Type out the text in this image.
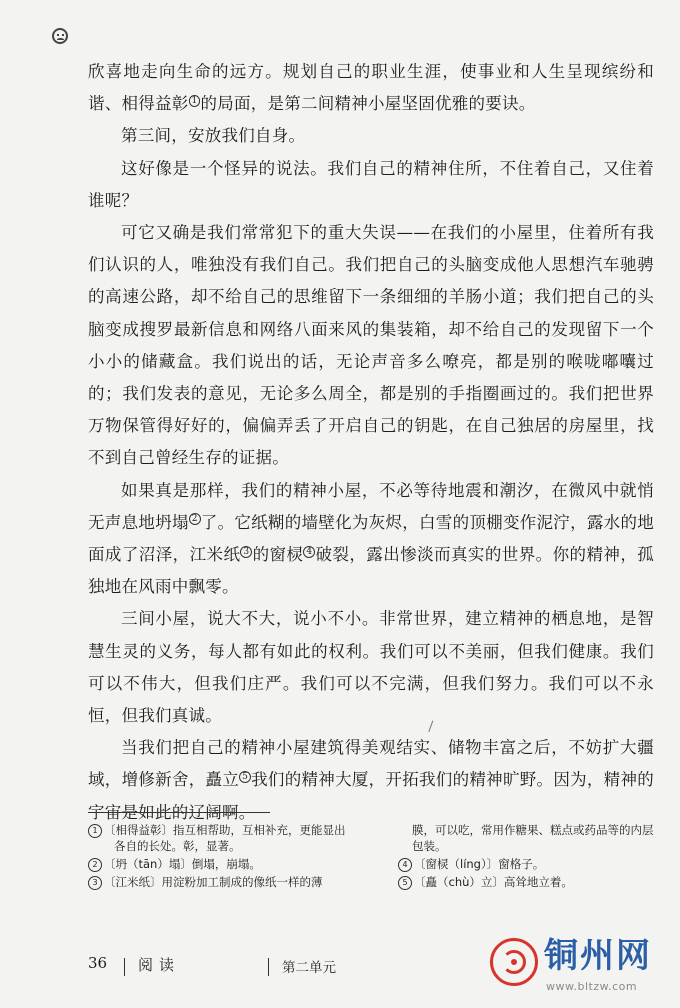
欣喜地走向生命的远方。规划自己的职业生涯，使事业和人生呈现缤纷和谐、相得益彰 $^1$ 的局面，是第二间精神小屋坚固优雅的要诀。

第三间，安放我们自身。

这好像是一个怪异的说法。我们自己的精神住所，不住着自己，又住着谁呢？

可它又确是我们常常犯下的重大失误——在我们的小屋里，住着所有我们认识的人，唯独没有我们自己。我们把自己的头脑变成他人思想汽车驰骋的高速公路，却不给自己的思维留下一条细细的羊肠小道；我们把自己的头脑变成搜罗最新信息和网络八面来风的集装箱，却不给自己的发现留下一个小小的储藏盒。我们说出的话，无论声音多么嘹亮，都是别的喉咙嘟囔过的；我们发表的意见，无论多么周全，都是别的手指圈画过的。我们把世界万物保管得好好的，偏偏弄丢了开启自己的钥匙，在自己独居的房屋里，找不到自己曾经生存的证据。

如果真是那样，我们的精神小屋，不必等待地震和潮汐，在微风中就悄无声息地坍塌 $^2$ 了。它纸糊的墙壁化为灰烬，白雪的顶棚变作泥泞，露水的地面成了沼泽，江米纸 $^3$ 的窗棂 $^4$ 破裂，露出惨淡而真实的世界。你的精神，孤独地在风雨中飘零。

三间小屋，说大不大，说小不小。非常世界，建立精神的栖息地，是智慧生灵的义务，每人都有如此的权利。我们可以不美丽，但我们健康。我们可以不伟大，但我们庄严。我们可以不完满，但我们努力。我们可以不永恒，但我们真诚。

当我们把自己的精神小屋建筑得美观结实、储物丰富之后，不妨扩大疆域，增修新舍，矗立 $^5$ 我们的精神大厦，开拓我们的精神旷野。因为，精神的宇宙是如此的辽阔啊。

1 〔相得益彰〕指互相帮助，互相补充，更能显出各自的长处。彰，显著。

2 〔坍（tān）塌〕倒塌，崩塌。

3 〔江米纸〕用淀粉加工制成的像纸一样的薄

膜，可以吃，常用作糖果、糕点或药品等的内层包装。

4 〔窗棂（líng）〕窗格子。

5 〔矗（chù）立〕高耸地立着。

36 阅读	第二单元	铜州网
www.bltzw.com
